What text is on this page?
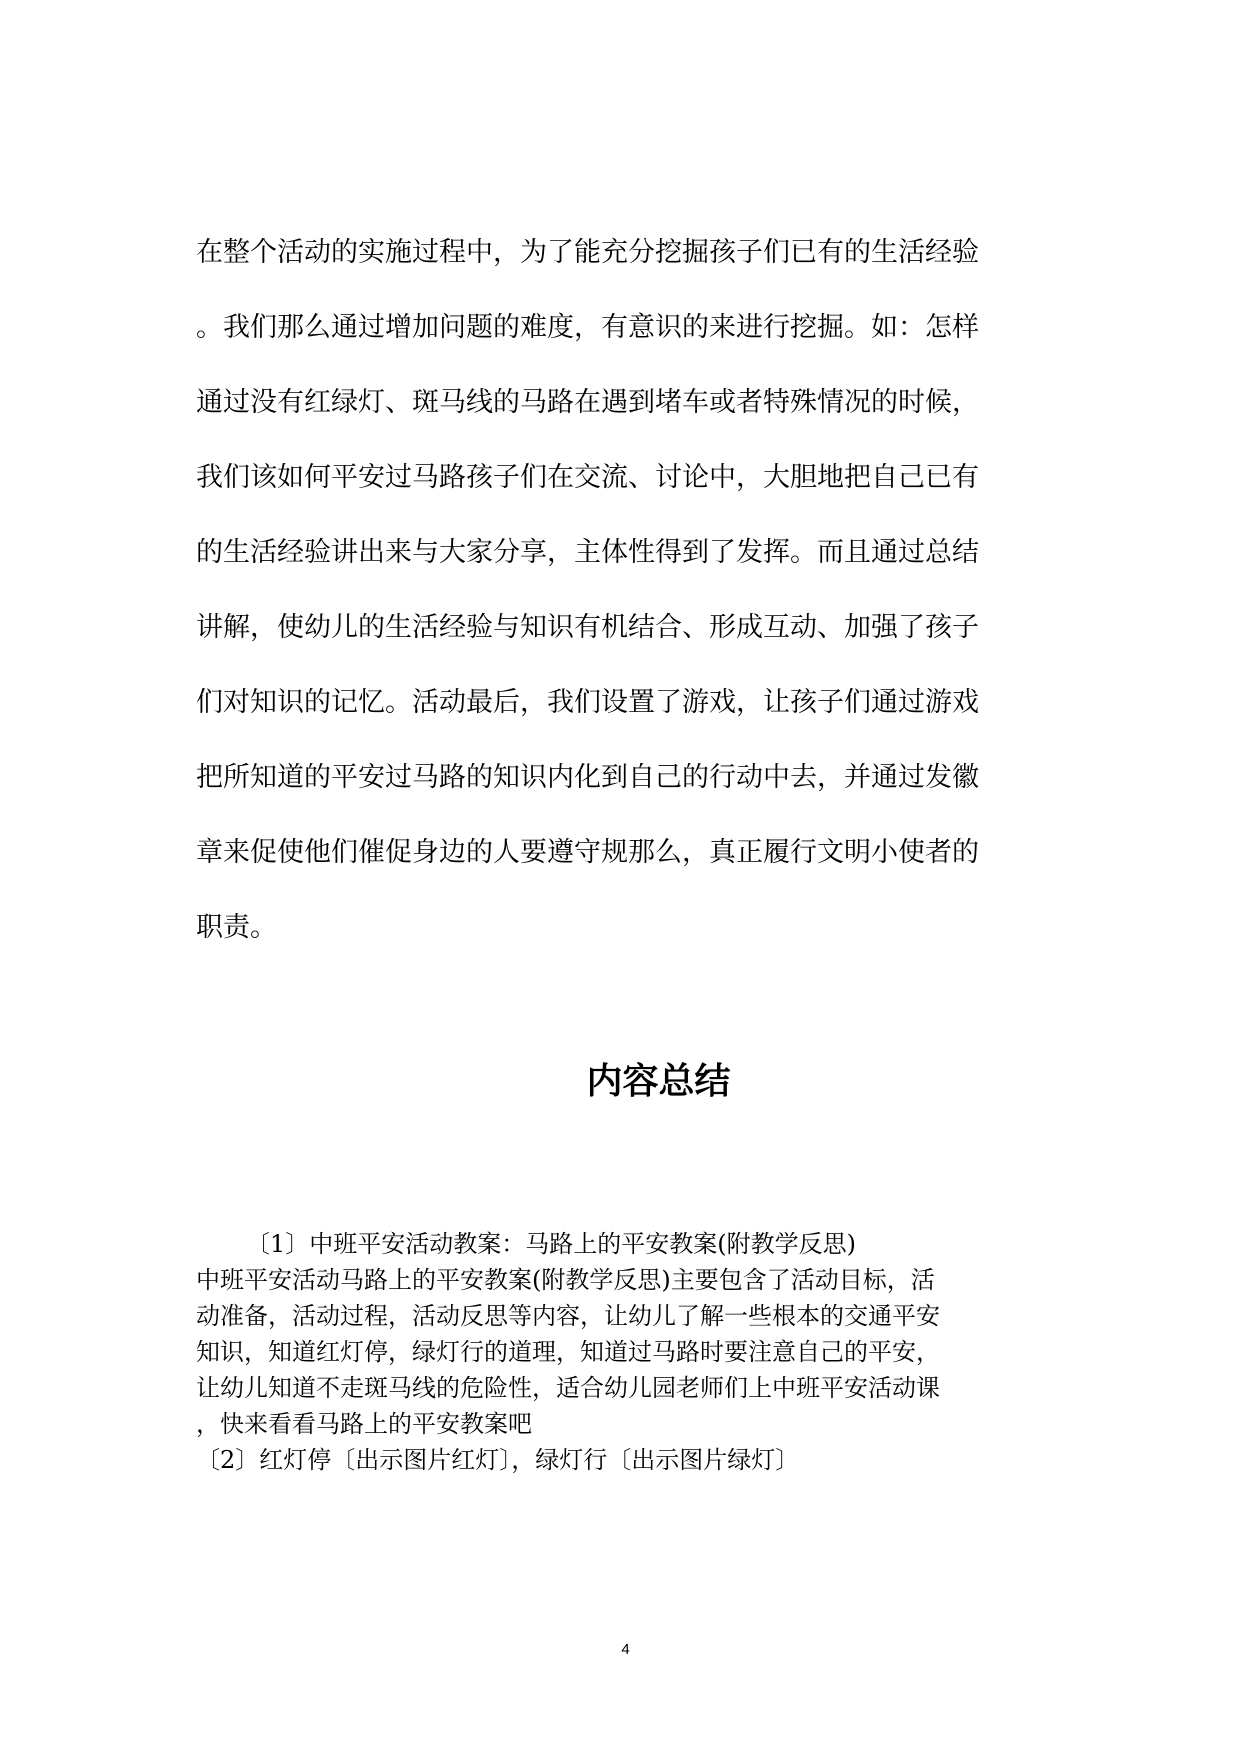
在整个活动的实施过程中，为了能充分挖掘孩子们已有的生活经验

。我们那么通过增加问题的难度，有意识的来进行挖掘。如：怎样

通过没有红绿灯、斑马线的马路在遇到堵车或者特殊情况的时候，

我们该如何平安过马路孩子们在交流、讨论中，大胆地把自己已有

的生活经验讲出来与大家分享，主体性得到了发挥。而且通过总结

讲解，使幼儿的生活经验与知识有机结合、形成互动、加强了孩子

们对知识的记忆。活动最后，我们设置了游戏，让孩子们通过游戏

把所知道的平安过马路的知识内化到自己的行动中去，并通过发徽

章来促使他们催促身边的人要遵守规那么，真正履行文明小使者的

职责。

内容总结

〔1〕中班平安活动教案：马路上的平安教案(附教学反思)

中班平安活动马路上的平安教案(附教学反思)主要包含了活动目标，活

动准备，活动过程，活动反思等内容，让幼儿了解一些根本的交通平安

知识，知道红灯停，绿灯行的道理，知道过马路时要注意自己的平安，

让幼儿知道不走斑马线的危险性，适合幼儿园老师们上中班平安活动课

，快来看看马路上的平安教案吧

〔2〕红灯停〔出示图片红灯〕，绿灯行〔出示图片绿灯〕

4
